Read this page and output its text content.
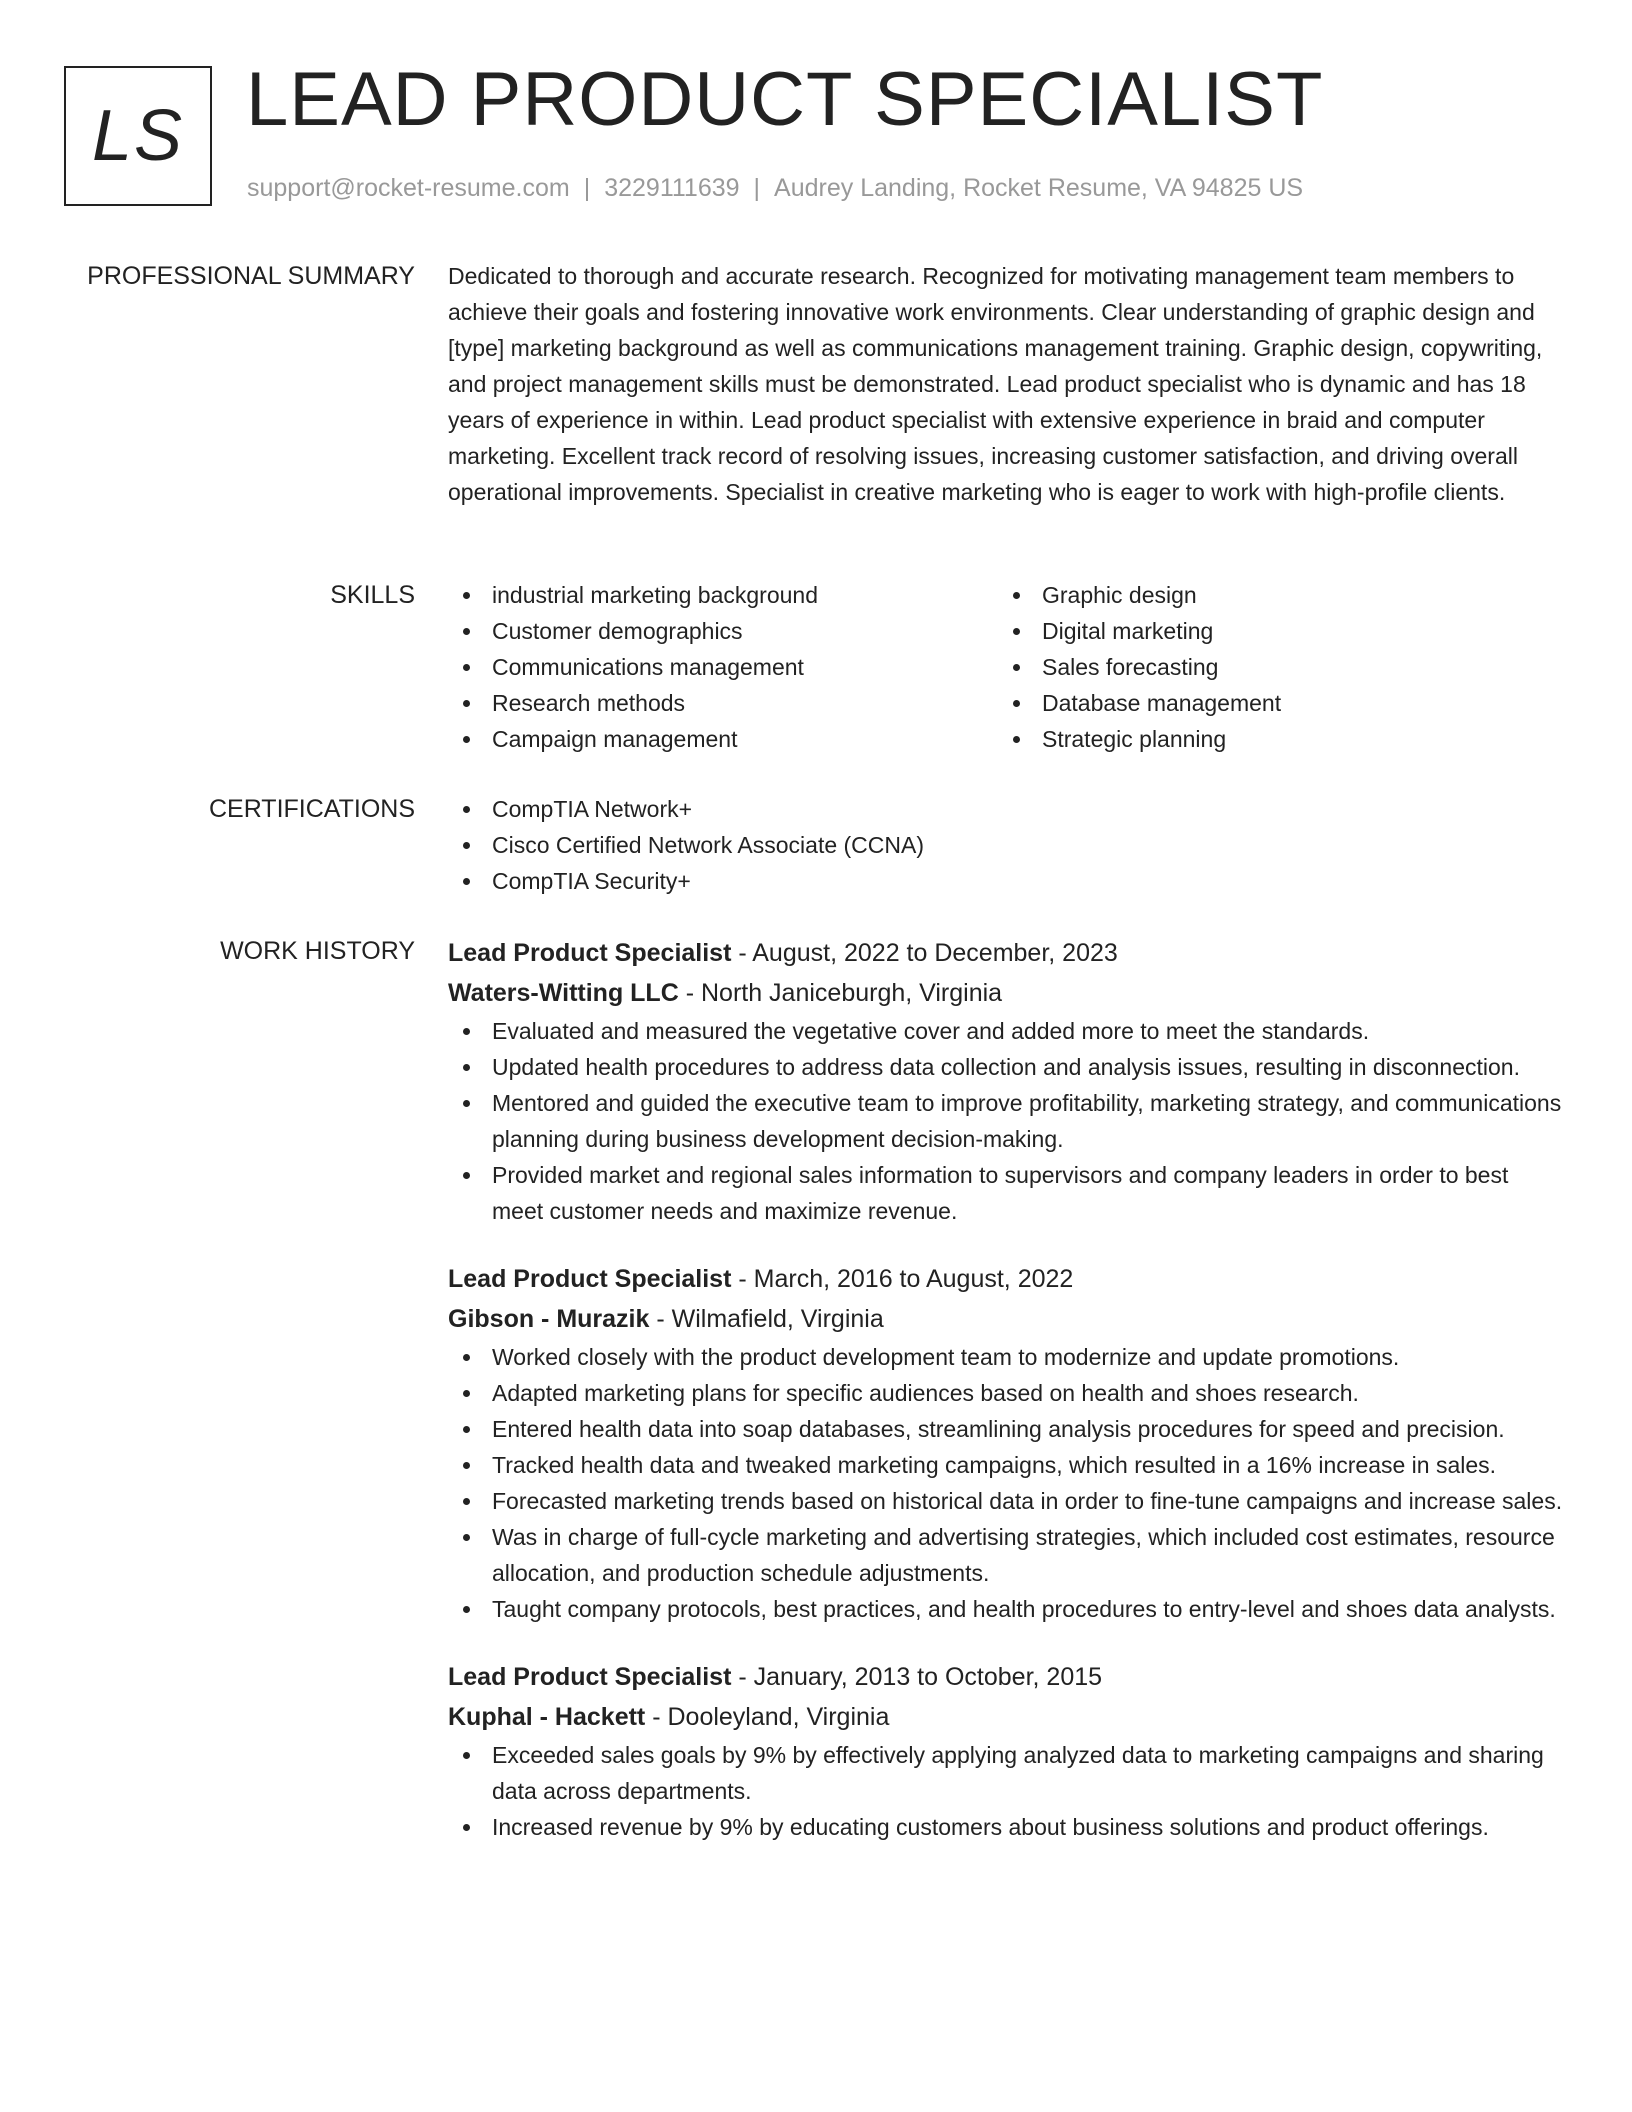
LS LEAD PRODUCT SPECIALIST
support@rocket-resume.com | 3229111639 | Audrey Landing, Rocket Resume, VA 94825 US
PROFESSIONAL SUMMARY Dedicated to thorough and accurate research. Recognized for motivating management team members to achieve their goals and fostering innovative work environments. Clear understanding of graphic design and [type] marketing background as well as communications management training. Graphic design, copywriting, and project management skills must be demonstrated. Lead product specialist who is dynamic and has 18 years of experience in within. Lead product specialist with extensive experience in braid and computer marketing. Excellent track record of resolving issues, increasing customer satisfaction, and driving overall operational improvements. Specialist in creative marketing who is eager to work with high-profile clients.

SKILLS	industrial marketing background
Customer demographics
Communications management
Research methods
Campaign management
Graphic design
Digital marketing
Sales forecasting
Database management
Strategic planning
CERTIFICATIONS	CompTIA Network+
Cisco Certified Network Associate (CCNA)
CompTIA Security+
WORK HISTORY Lead Product Specialist - August, 2022 to December, 2023
Waters-Witting LLC - North Janiceburgh, Virginia
Evaluated and measured the vegetative cover and added more to meet the standards.
Updated health procedures to address data collection and analysis issues, resulting in disconnection.
Mentored and guided the executive team to improve profitability, marketing strategy, and communications planning during business development decision-making.
Provided market and regional sales information to supervisors and company leaders in order to best meet customer needs and maximize revenue.
Lead Product Specialist - March, 2016 to August, 2022
Gibson - Murazik - Wilmafield, Virginia
Worked closely with the product development team to modernize and update promotions.
Adapted marketing plans for specific audiences based on health and shoes research.
Entered health data into soap databases, streamlining analysis procedures for speed and precision.
Tracked health data and tweaked marketing campaigns, which resulted in a 16% increase in sales.
Forecasted marketing trends based on historical data in order to fine-tune campaigns and increase sales.
Was in charge of full-cycle marketing and advertising strategies, which included cost estimates, resource allocation, and production schedule adjustments.
Taught company protocols, best practices, and health procedures to entry-level and shoes data analysts.
Lead Product Specialist - January, 2013 to October, 2015
Kuphal - Hackett - Dooleyland, Virginia
Exceeded sales goals by 9% by effectively applying analyzed data to marketing campaigns and sharing data across departments.
Increased revenue by 9% by educating customers about business solutions and product offerings.
